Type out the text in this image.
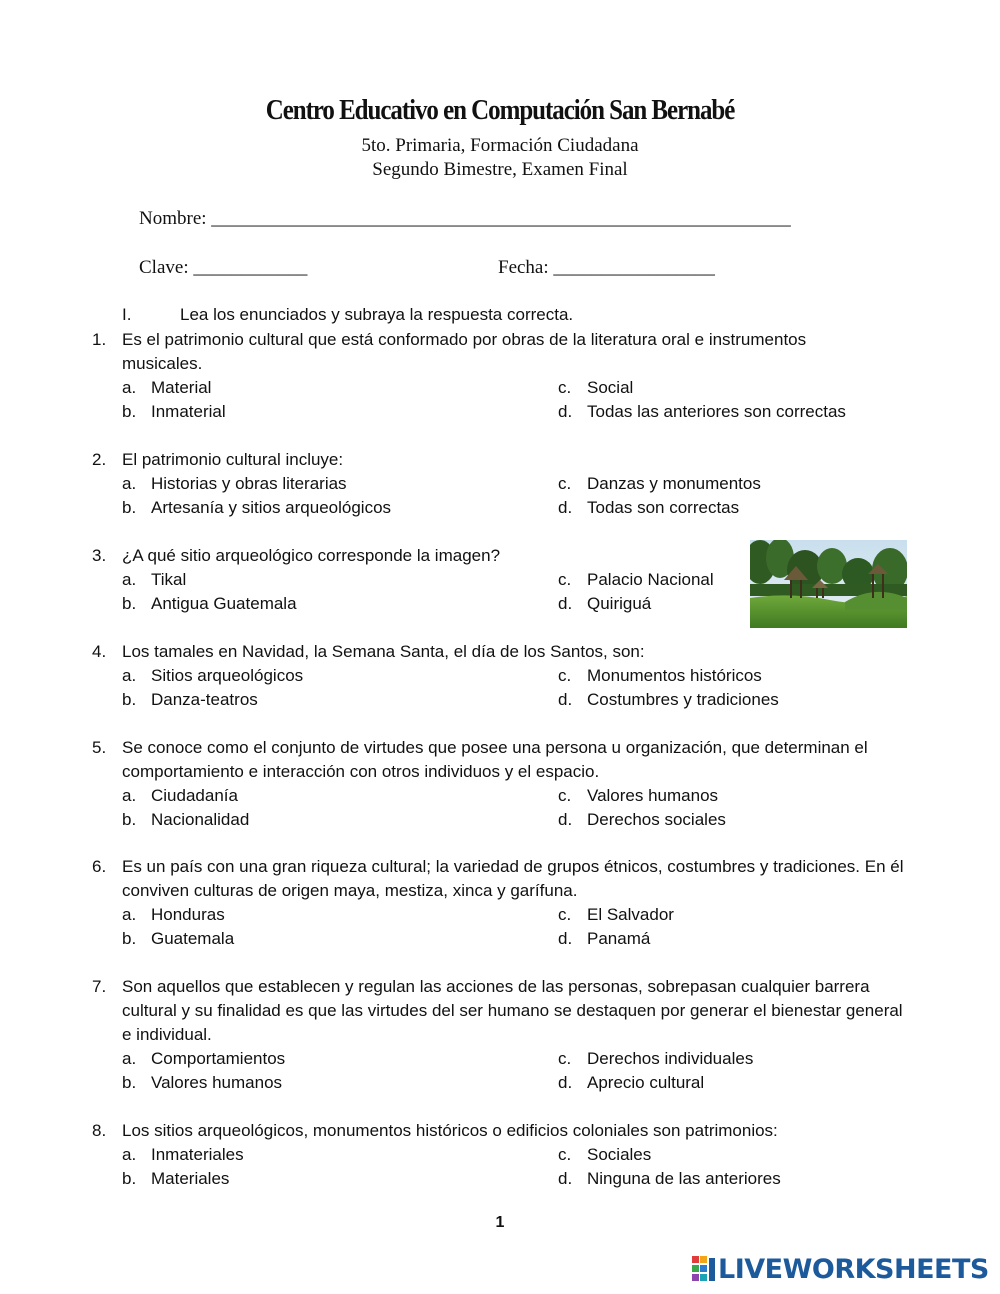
Centro Educativo en Computación San Bernabé
5to. Primaria, Formación Ciudadana
Segundo Bimestre, Examen Final
Nombre: _____________________________________________________________
Clave: ____________	Fecha: _________________
I.	Lea los enunciados y subraya la respuesta correcta.
1. Es el patrimonio cultural que está conformado por obras de la literatura oral e instrumentos musicales.
a. Material
b. Inmaterial
c. Social
d. Todas las anteriores son correctas
2. El patrimonio cultural incluye:
a. Historias y obras literarias
b. Artesanía y sitios arqueológicos
c. Danzas y monumentos
d. Todas son correctas
3. ¿A qué sitio arqueológico corresponde la imagen?
a. Tikal
b. Antigua Guatemala
c. Palacio Nacional
d. Quiriguá
4. Los tamales en Navidad, la Semana Santa, el día de los Santos, son:
a. Sitios arqueológicos
b. Danza-teatros
c. Monumentos históricos
d. Costumbres y tradiciones
5. Se conoce como el conjunto de virtudes que posee una persona u organización, que determinan el comportamiento e interacción con otros individuos y el espacio.
a. Ciudadanía
b. Nacionalidad
c. Valores humanos
d. Derechos sociales
6. Es un país con una gran riqueza cultural; la variedad de grupos étnicos, costumbres y tradiciones. En él conviven culturas de origen maya, mestiza, xinca y garífuna.
a. Honduras
b. Guatemala
c. El Salvador
d. Panamá
7. Son aquellos que establecen y regulan las acciones de las personas, sobrepasan cualquier barrera cultural y su finalidad es que las virtudes del ser humano se destaquen por generar el bienestar general e individual.
a. Comportamientos
b. Valores humanos
c. Derechos individuales
d. Aprecio cultural
8. Los sitios arqueológicos, monumentos históricos o edificios coloniales son patrimonios:
a. Inmateriales
b. Materiales
c. Sociales
d. Ninguna de las anteriores
1
LIVEWORKSHEETS
